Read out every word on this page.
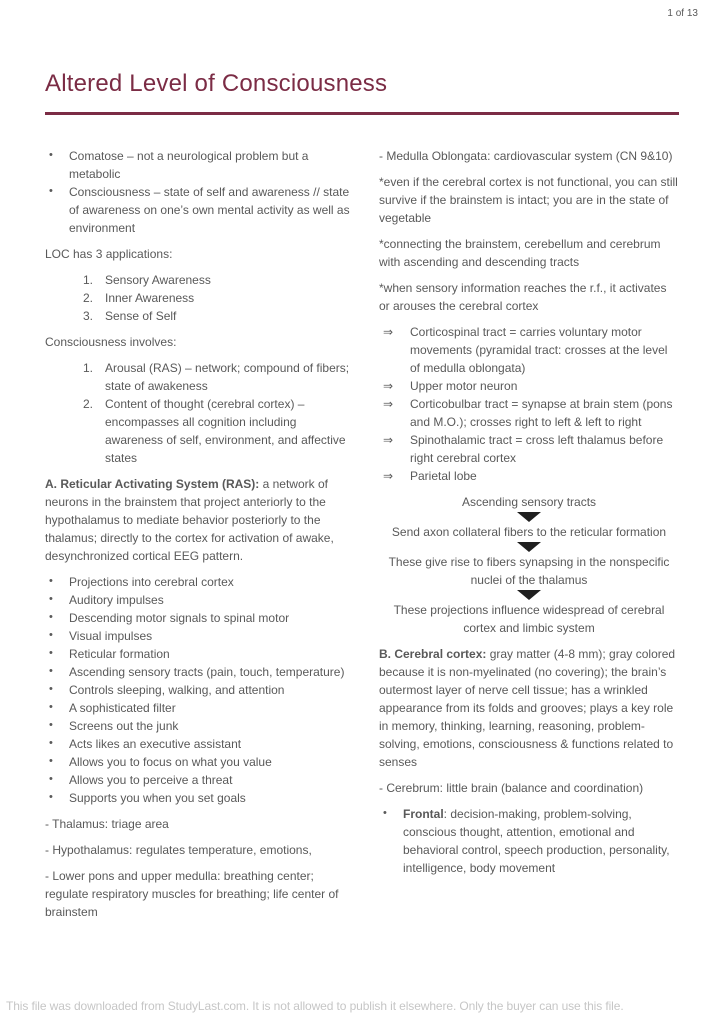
1 of 13
Altered Level of Consciousness
•	Comatose – not a neurological problem but a metabolic
•	Consciousness – state of self and awareness // state of awareness on one’s own mental activity as well as environment

LOC has 3 applications:

1. Sensory Awareness
2. Inner Awareness
3. Sense of Self

Consciousness involves:

1. Arousal (RAS) – network; compound of fibers; state of awakeness
2. Content of thought (cerebral cortex) – encompasses all cognition including awareness of self, environment, and affective states

A. Reticular Activating System (RAS): a network of neurons in the brainstem that project anteriorly to the hypothalamus to mediate behavior posteriorly to the thalamus; directly to the cortex for activation of awake, desynchronized cortical EEG pattern.

•	Projections into cerebral cortex
•	Auditory impulses
•	Descending motor signals to spinal motor
•	Visual impulses
•	Reticular formation
•	Ascending sensory tracts (pain, touch, temperature)
•	Controls sleeping, walking, and attention
•	A sophisticated filter
•	Screens out the junk
•	Acts likes an executive assistant
•	Allows you to focus on what you value
•	Allows you to perceive a threat
•	Supports you when you set goals

- Thalamus: triage area

- Hypothalamus: regulates temperature, emotions,

- Lower pons and upper medulla: breathing center; regulate respiratory muscles for breathing; life center of brainstem

- Medulla Oblongata: cardiovascular system (CN 9&10)

*even if the cerebral cortex is not functional, you can still survive if the brainstem is intact; you are in the state of vegetable

*connecting the brainstem, cerebellum and cerebrum with ascending and descending tracts

*when sensory information reaches the r.f., it activates or arouses the cerebral cortex

⇒	Corticospinal tract = carries voluntary motor movements (pyramidal tract: crosses at the level of medulla oblongata)
⇒	Upper motor neuron
⇒	Corticobulbar tract = synapse at brain stem (pons and M.O.); crosses right to left & left to right
⇒	Spinothalamic tract = cross left thalamus before right cerebral cortex
⇒	Parietal lobe
Ascending sensory tracts
Send axon collateral fibers to the reticular formation
These give rise to fibers synapsing in the nonspecific nuclei of the thalamus
These projections influence widespread of cerebral cortex and limbic system

B. Cerebral cortex: gray matter (4-8 mm); gray colored because it is non-myelinated (no covering); the brain’s outermost layer of nerve cell tissue; has a wrinkled appearance from its folds and grooves; plays a key role in memory, thinking, learning, reasoning, problem-solving, emotions, consciousness & functions related to senses

- Cerebrum: little brain (balance and coordination)

•	Frontal: decision-making, problem-solving, conscious thought, attention, emotional and behavioral control, speech production, personality, intelligence, body movement
This file was downloaded from StudyLast.com. It is not allowed to publish it elsewhere. Only the buyer can use this file.
